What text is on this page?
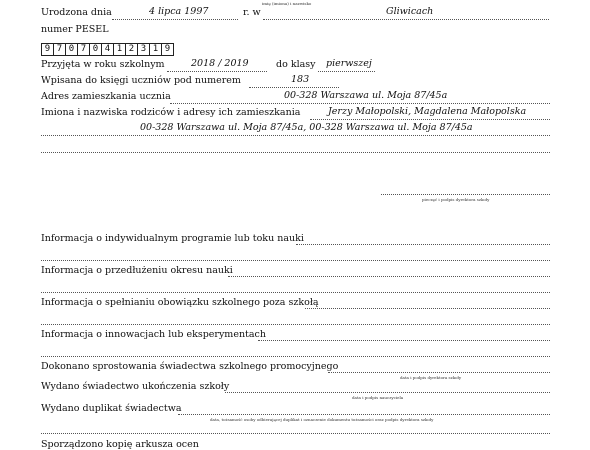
imię (imiona) i nazwisko
Urodzona dnia	4 lipca 1997	r. w	Gliwicach
numer PESEL
9 7 0 7 0 4 1 2 3 1 9
Przyjęta w roku szkolnym	2018 / 2019	do klasy pierwszej
Wpisana do księgi uczniów pod numerem	183
Adres zamieszkania ucznia	00-328 Warszawa ul. Moja 87/45a
Imiona i nazwiska rodziców i adresy ich zamieszkania	Jerzy Małopolski, Magdalena Małopolska
00-328 Warszawa ul. Moja 87/45a, 00-328 Warszawa ul. Moja 87/45a
pieczęć i podpis dyrektora szkoły
Informacja o indywidualnym programie lub toku nauki
Informacja o przedłużeniu okresu nauki
Informacja o spełnianiu obowiązku szkolnego poza szkołą
Informacja o innowacjach lub eksperymentach
Dokonano sprostowania świadectwa szkolnego promocyjnego
data i podpis dyrektora szkoły
Wydano świadectwo ukończenia szkoły
data i podpis nauczyciela
Wydano duplikat świadectwa
data, tożsamość osoby odbierającej duplikat i oznaczenie dokumentu tożsamości oraz podpis dyrektora szkoły
Sporządzono kopię arkusza ocen
